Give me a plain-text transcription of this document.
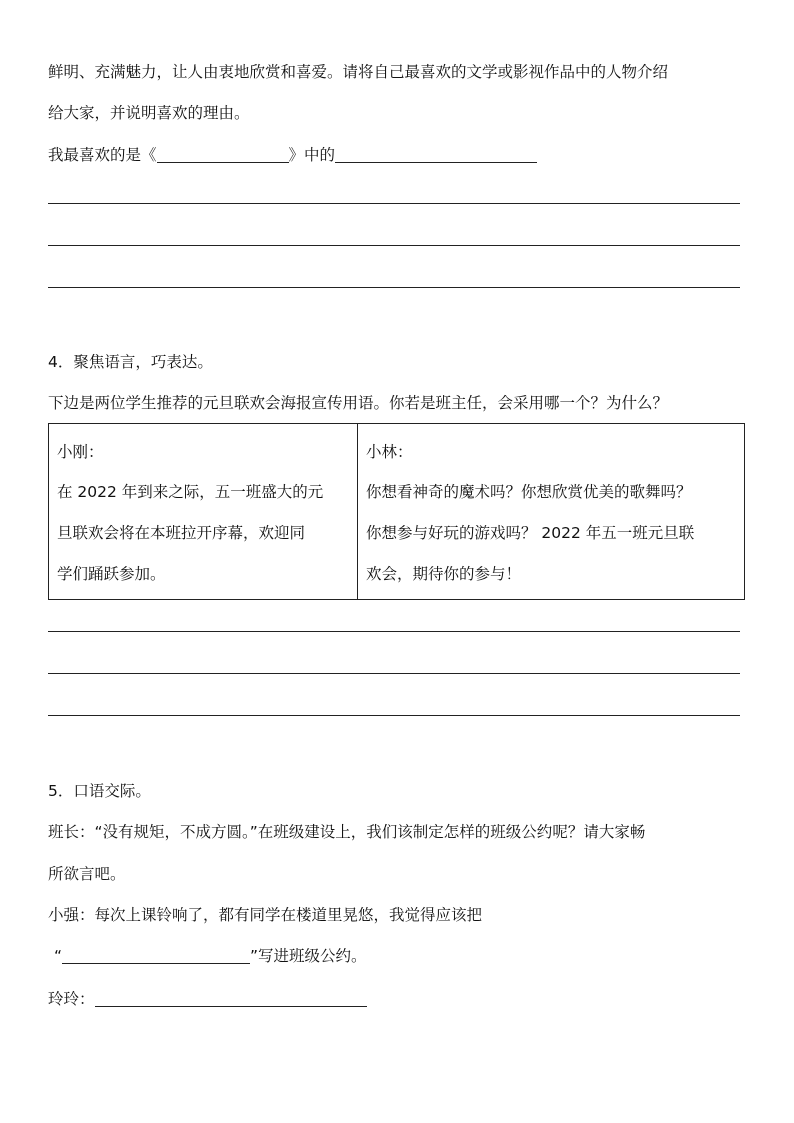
鲜明、充满魅力，让人由衷地欣赏和喜爱。请将自己最喜欢的文学或影视作品中的人物介绍
给大家，并说明喜欢的理由。
我最喜欢的是《	》中的
4．聚焦语言，巧表达。
下边是两位学生推荐的元旦联欢会海报宣传用语。你若是班主任，会采用哪一个？为什么？

小刚：

在 2022 年到来之际，五一班盛大的元

旦联欢会将在本班拉开序幕，欢迎同

学们踊跃参加。

小林：

你想看神奇的魔术吗？你想欣赏优美的歌舞吗？

你想参与好玩的游戏吗？ 2022 年五一班元旦联

欢会，期待你的参与！

5．口语交际。
班长：“没有规矩，不成方圆。”在班级建设上，我们该制定怎样的班级公约呢？请大家畅
所欲言吧。
小强：每次上课铃响了，都有同学在楼道里晃悠，我觉得应该把
“	”写进班级公约。
玲玲：
